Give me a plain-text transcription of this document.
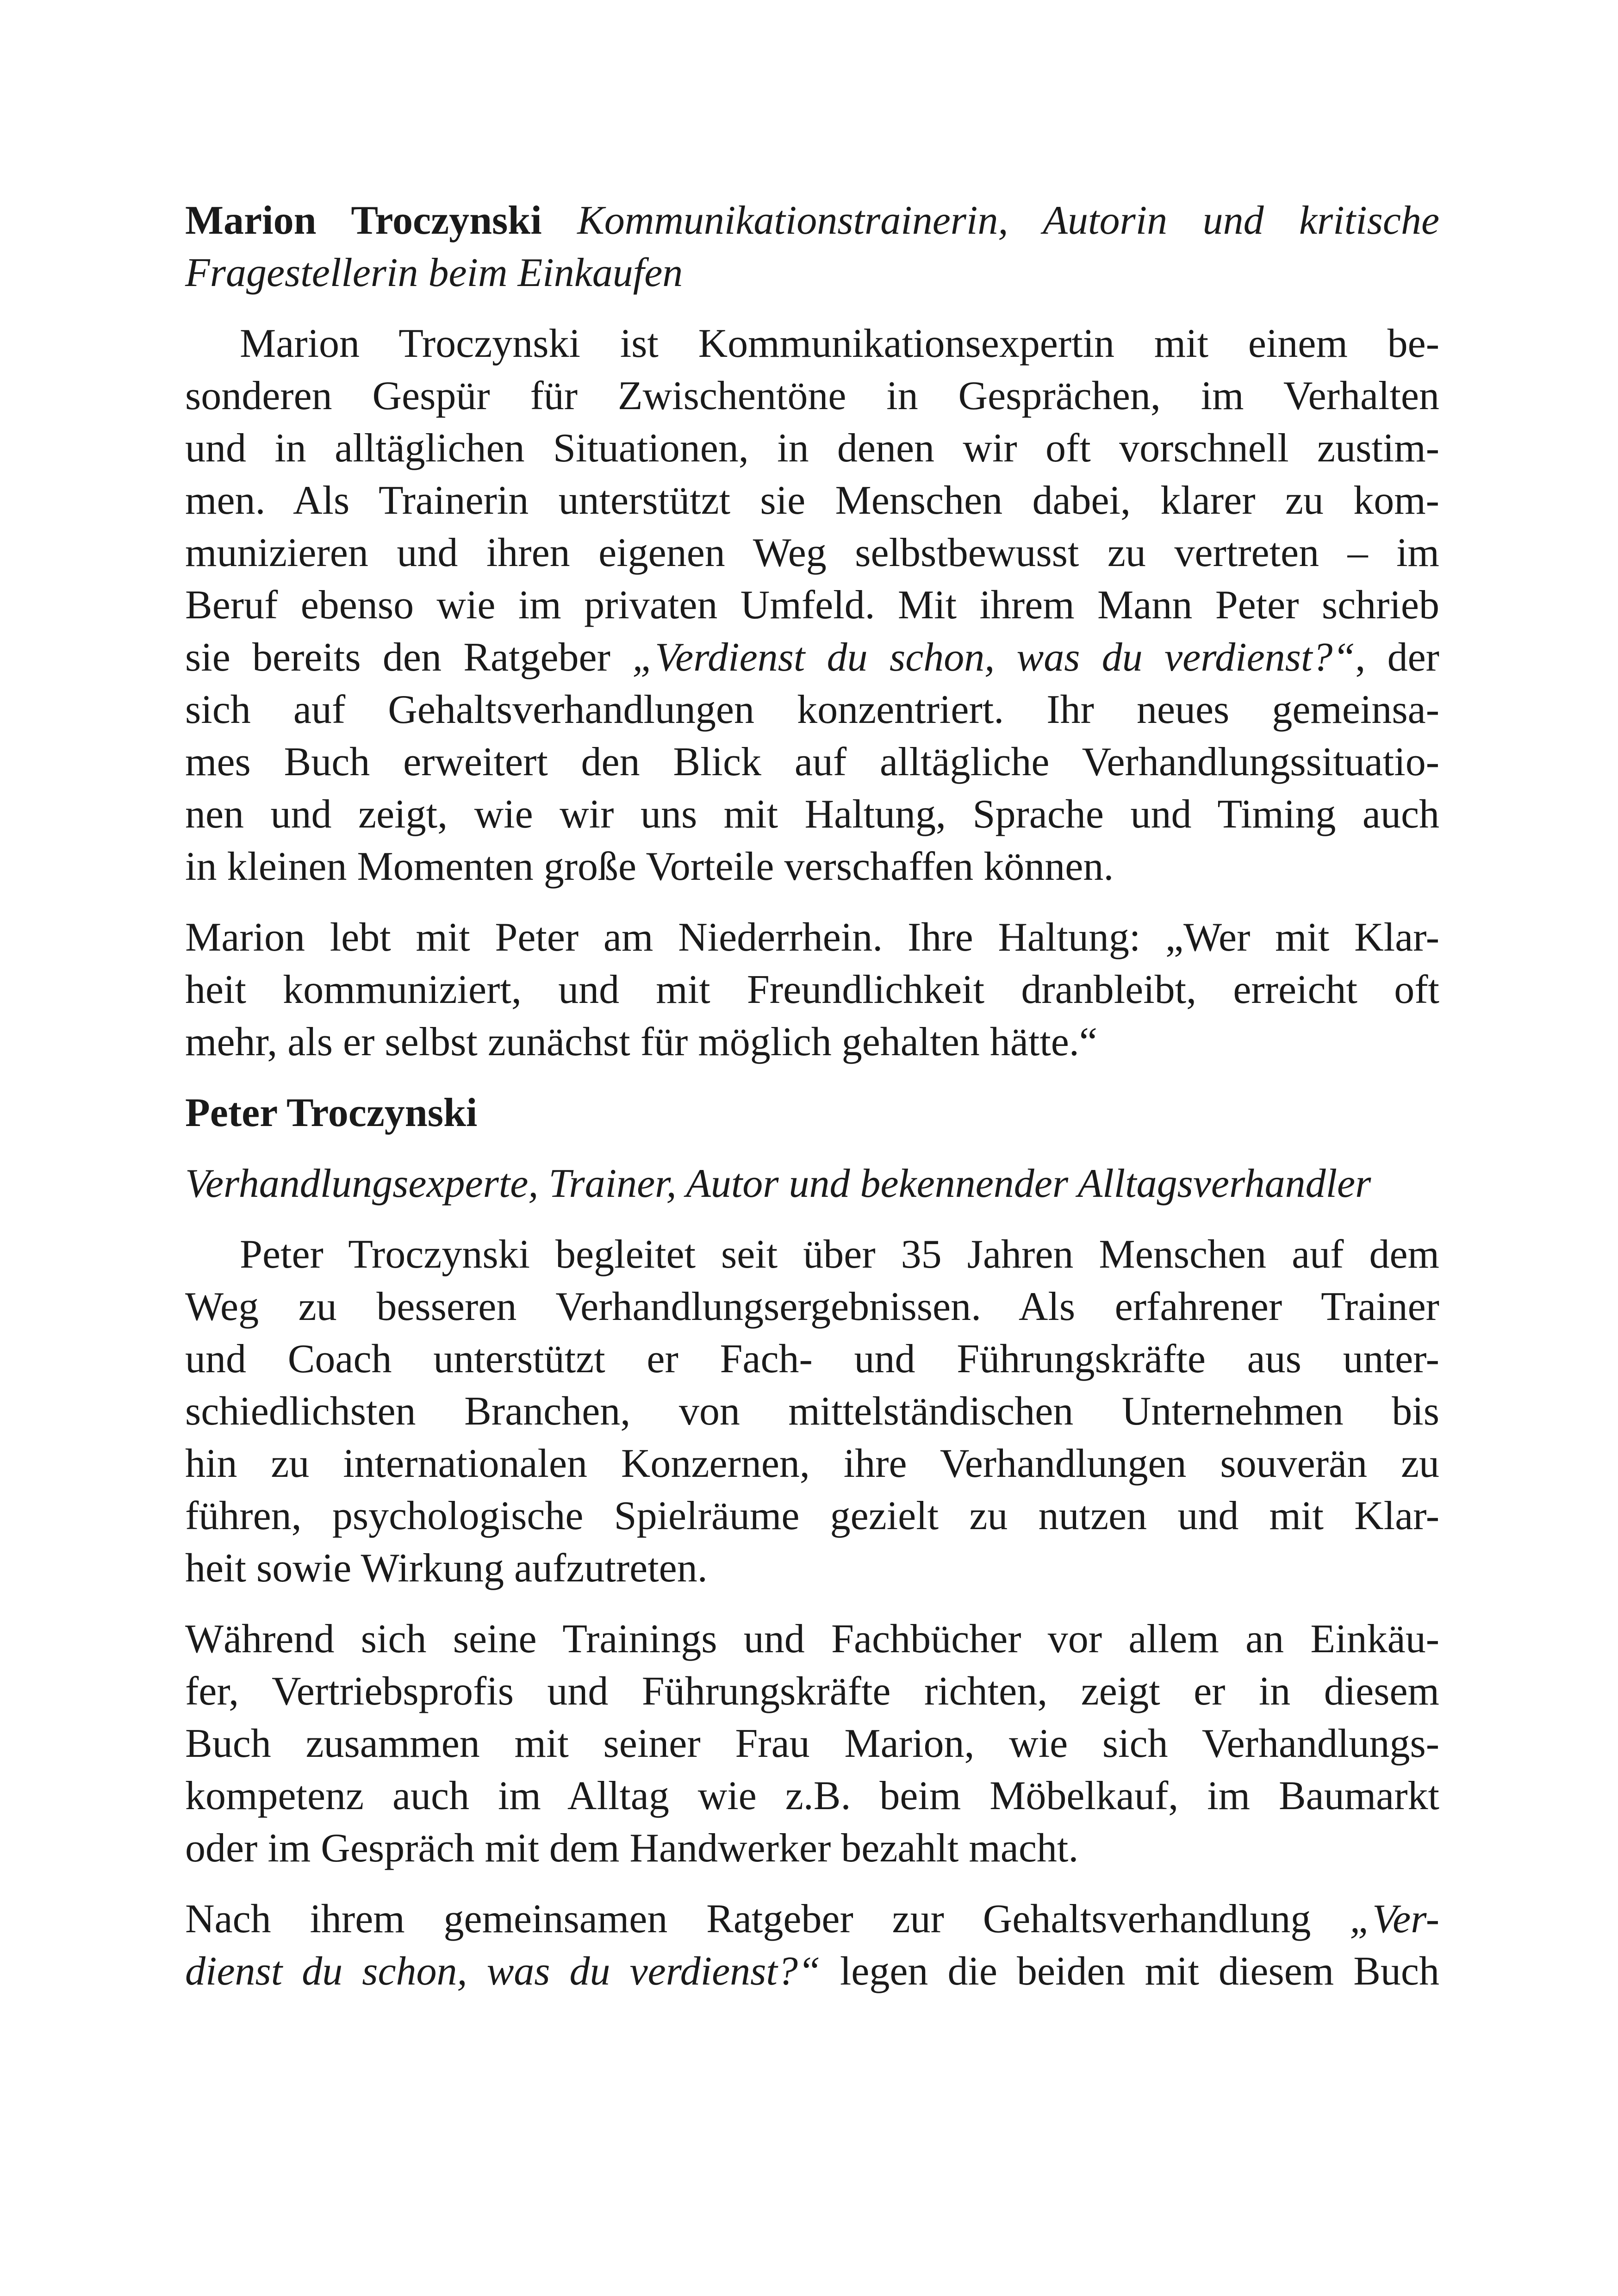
Marion Troczynski Kommunikationstrainerin, Autorin und kritische
Fragestellerin beim Einkaufen
Marion Troczynski ist Kommunikationsexpertin mit einem be-
sonderen Gespür für Zwischentöne in Gesprächen, im Verhalten
und in alltäglichen Situationen, in denen wir oft vorschnell zustim-
men. Als Trainerin unterstützt sie Menschen dabei, klarer zu kom-
munizieren und ihren eigenen Weg selbstbewusst zu vertreten – im
Beruf ebenso wie im privaten Umfeld. Mit ihrem Mann Peter schrieb
sie bereits den Ratgeber „Verdienst du schon, was du verdienst?“, der
sich auf Gehaltsverhandlungen konzentriert. Ihr neues gemeinsa-
mes Buch erweitert den Blick auf alltägliche Verhandlungssituatio-
nen und zeigt, wie wir uns mit Haltung, Sprache und Timing auch
in kleinen Momenten große Vorteile verschaffen können.
Marion lebt mit Peter am Niederrhein. Ihre Haltung: „Wer mit Klar-
heit kommuniziert, und mit Freundlichkeit dranbleibt, erreicht oft
mehr, als er selbst zunächst für möglich gehalten hätte.“
Peter Troczynski
Verhandlungsexperte, Trainer, Autor und bekennender Alltagsverhandler
Peter Troczynski begleitet seit über 35 Jahren Menschen auf dem
Weg zu besseren Verhandlungsergebnissen. Als erfahrener Trainer
und Coach unterstützt er Fach- und Führungskräfte aus unter-
schiedlichsten Branchen, von mittelständischen Unternehmen bis
hin zu internationalen Konzernen, ihre Verhandlungen souverän zu
führen, psychologische Spielräume gezielt zu nutzen und mit Klar-
heit sowie Wirkung aufzutreten.
Während sich seine Trainings und Fachbücher vor allem an Einkäu-
fer, Vertriebsprofis und Führungskräfte richten, zeigt er in diesem
Buch zusammen mit seiner Frau Marion, wie sich Verhandlungs-
kompetenz auch im Alltag wie z.B. beim Möbelkauf, im Baumarkt
oder im Gespräch mit dem Handwerker bezahlt macht.
Nach ihrem gemeinsamen Ratgeber zur Gehaltsverhandlung „Ver-
dienst du schon, was du verdienst?“ legen die beiden mit diesem Buch
